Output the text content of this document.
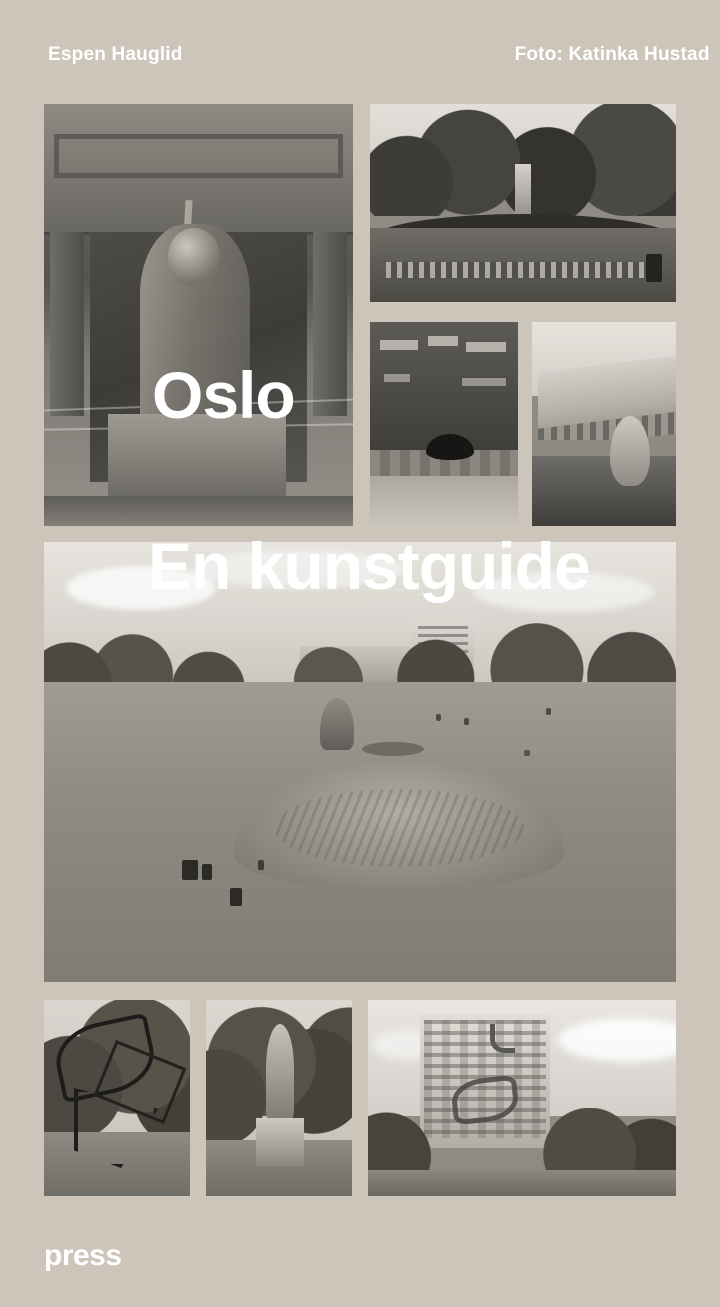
Espen Hauglid	Foto: Katinka Hustad
Oslo
En kunstguide
press
